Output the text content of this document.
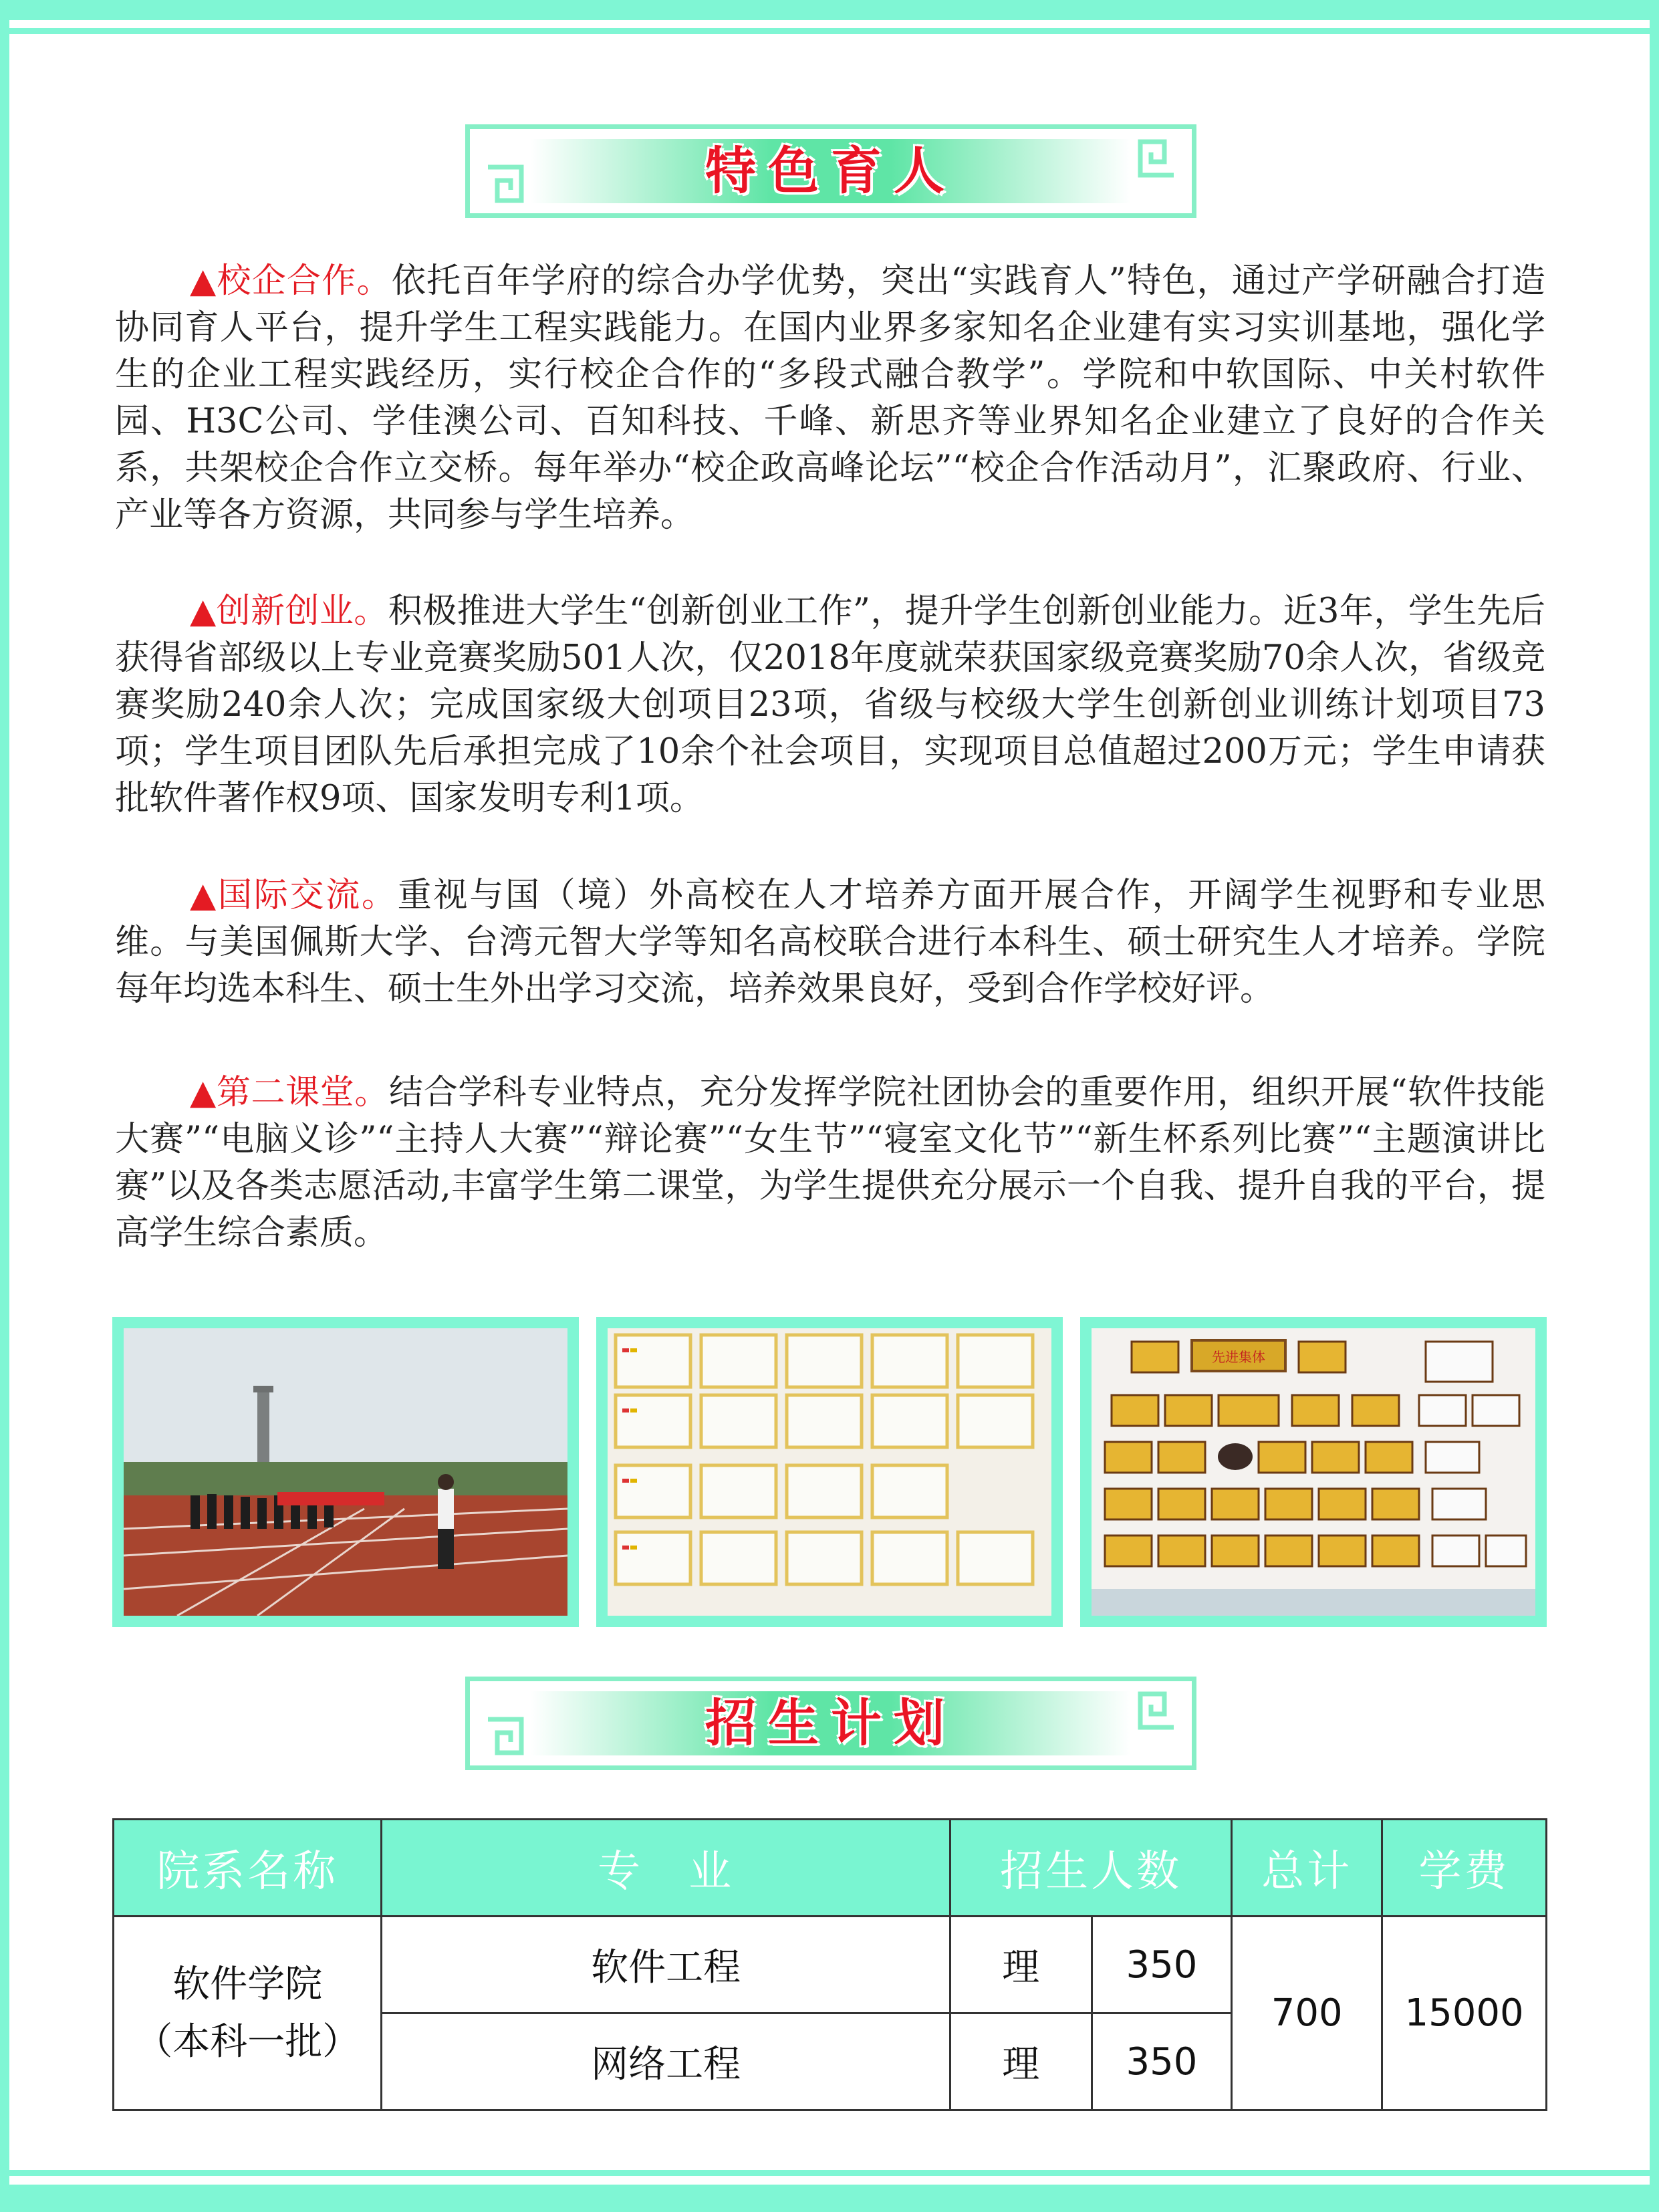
特色育人

▲校企合作。依托百年学府的综合办学优势，突出“实践育人”特色，通过产学研融合打造协同育人平台，提升学生工程实践能力。在国内业界多家知名企业建有实习实训基地，强化学生的企业工程实践经历，实行校企合作的“多段式融合教学”。学院和中软国际、中关村软件园、H3C公司、学佳澳公司、百知科技、千峰、新思齐等业界知名企业建立了良好的合作关系，共架校企合作立交桥。每年举办“校企政高峰论坛”“校企合作活动月”，汇聚政府、行业、产业等各方资源，共同参与学生培养。

▲创新创业。积极推进大学生“创新创业工作”，提升学生创新创业能力。近3年，学生先后获得省部级以上专业竞赛奖励501人次，仅2018年度就荣获国家级竞赛奖励70余人次，省级竞赛奖励240余人次；完成国家级大创项目23项，省级与校级大学生创新创业训练计划项目73项；学生项目团队先后承担完成了10余个社会项目，实现项目总值超过200万元；学生申请获批软件著作权9项、国家发明专利1项。

▲国际交流。重视与国（境）外高校在人才培养方面开展合作，开阔学生视野和专业思维。与美国佩斯大学、台湾元智大学等知名高校联合进行本科生、硕士研究生人才培养。学院每年均选本科生、硕士生外出学习交流，培养效果良好，受到合作学校好评。

▲第二课堂。结合学科专业特点，充分发挥学院社团协会的重要作用，组织开展“软件技能大赛”“电脑义诊”“主持人大赛”“辩论赛”“女生节”“寝室文化节”“新生杯系列比赛”“主题演讲比赛”以及各类志愿活动,丰富学生第二课堂，为学生提供充分展示一个自我、提升自我的平台，提高学生综合素质。

先进集体
招生计划
院系名称	专　业	招生人数		总计	学费

软件学院
（本科一批）	软件工程	理	350	700	15000
	网络工程	理	350		
